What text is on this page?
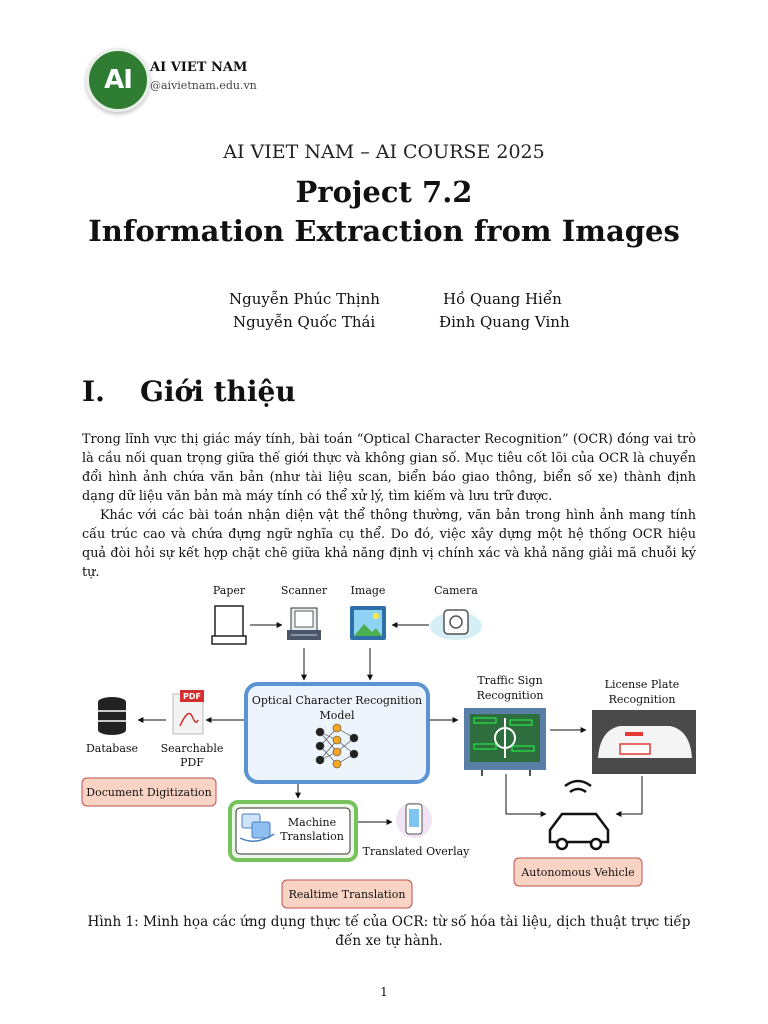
AI AI VIET NAM
@aivietnam.edu.vn
AI VIET NAM – AI COURSE 2025
Project 7.2
Information Extraction from Images
Nguyễn Phúc Thịnh	Hồ Quang Hiển
Nguyễn Quốc Thái	Đinh Quang Vinh
I. Giới thiệu
Trong lĩnh vực thị giác máy tính, bài toán “Optical Character Recognition” (OCR) đóng vai trò là cầu nối quan trọng giữa thế giới thực và không gian số. Mục tiêu cốt lõi của OCR là chuyển đổi hình ảnh chứa văn bản (như tài liệu scan, biển báo giao thông, biển số xe) thành định dạng dữ liệu văn bản mà máy tính có thể xử lý, tìm kiếm và lưu trữ được.
Khác với các bài toán nhận diện vật thể thông thường, văn bản trong hình ảnh mang tính cấu trúc cao và chứa đựng ngữ nghĩa cụ thể. Do đó, việc xây dựng một hệ thống OCR hiệu quả đòi hỏi sự kết hợp chặt chẽ giữa khả năng định vị chính xác và khả năng giải mã chuỗi ký tự.
Paper	Scanner Image	Camera
Optical Character Recognition
Model
Database
PDF
Searchable
PDF
Document Digitization
Machine
Translation
Translated Overlay
Realtime Translation
Traffic Sign
Recognition
License Plate
Recognition
Autonomous Vehicle
Hình 1: Minh họa các ứng dụng thực tế của OCR: từ số hóa tài liệu, dịch thuật trực tiếp đến xe tự hành.
1
